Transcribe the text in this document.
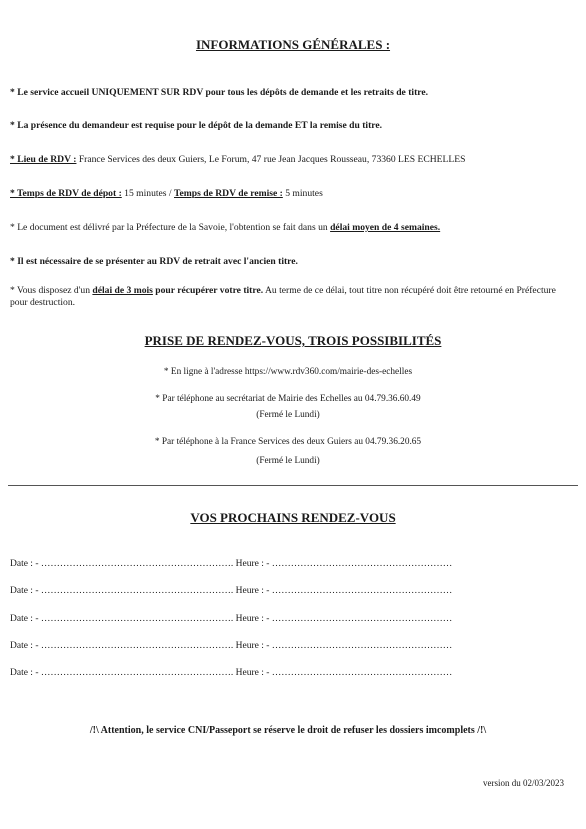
INFORMATIONS GÉNÉRALES :
* Le service accueil UNIQUEMENT SUR RDV pour tous les dépôts de demande et les retraits de titre.
* La présence du demandeur est requise pour le dépôt de la demande ET la remise du titre.
* Lieu de RDV : France Services des deux Guiers, Le Forum, 47 rue Jean Jacques Rousseau, 73360 LES ECHELLES
* Temps de RDV de dépot : 15 minutes / Temps de RDV de remise : 5 minutes
* Le document est délivré par la Préfecture de la Savoie, l'obtention se fait dans un délai moyen de 4 semaines.
* Il est nécessaire de se présenter au RDV de retrait avec l'ancien titre.
* Vous disposez d'un délai de 3 mois pour récupérer votre titre. Au terme de ce délai, tout titre non récupéré doit être retourné en Préfecture pour destruction.
PRISE DE RENDEZ-VOUS, TROIS POSSIBILITÉS
* En ligne à l'adresse https://www.rdv360.com/mairie-des-echelles
* Par téléphone au secrétariat de Mairie des Echelles au 04.79.36.60.49
(Fermé le Lundi)
* Par téléphone à la France Services des deux Guiers au 04.79.36.20.65
(Fermé le Lundi)
VOS PROCHAINS RENDEZ-VOUS
Date : - ……………………………………………………. Heure : - …………………………………………………
Date : - ……………………………………………………. Heure : - …………………………………………………
Date : - ……………………………………………………. Heure : - …………………………………………………
Date : - ……………………………………………………. Heure : - …………………………………………………
Date : - ……………………………………………………. Heure : - …………………………………………………
/!\ Attention, le service CNI/Passeport se réserve le droit de refuser les dossiers imcomplets /!\
version du 02/03/2023
